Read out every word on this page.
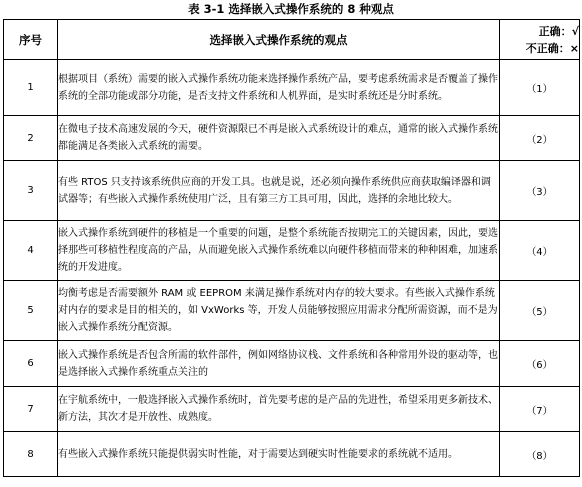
表 3-1 选择嵌入式操作系统的 8 种观点
序号	选择嵌入式操作系统的观点	正确：√
不正确：×

1	根据项目（系统）需要的嵌入式操作系统功能来选择操作系统产品，要考虑系统需求是否覆盖了操作系统的全部功能或部分功能，是否支持文件系统和人机界面，是实时系统还是分时系统。	（1）
2	在微电子技术高速发展的今天，硬件资源限已不再是嵌入式系统设计的难点，通常的嵌入式操作系统都能满足各类嵌入式系统的需要。	（2）
3	有些 RTOS 只支持该系统供应商的开发工具。也就是说，还必须向操作系统供应商获取编译器和调试器等；有些嵌入式操作系统使用广泛，且有第三方工具可用，因此，选择的余地比较大。	（3）
4	嵌入式操作系统到硬件的移植是一个重要的问题，是整个系统能否按期完工的关键因素，因此，要选择那些可移植性程度高的产品，从而避免嵌入式操作系统难以向硬件移植而带来的种种困难，加速系统的开发进度。	（4）
5	均衡考虑是否需要额外 RAM 或 EEPROM 来满足操作系统对内存的较大要求。有些嵌入式操作系统对内存的要求是目的相关的，如 VxWorks 等，开发人员能够按照应用需求分配所需资源，而不是为嵌入式操作系统分配资源。	（5）
6	嵌入式操作系统是否包含所需的软件部件，例如网络协议栈、文件系统和各种常用外设的驱动等，也是选择嵌入式操作系统重点关注的	（6）
7	在宇航系统中，一般选择嵌入式操作系统时，首先要考虑的是产品的先进性，希望采用更多新技术、新方法，其次才是开放性、成熟度。	（7）
8	有些嵌入式操作系统只能提供弱实时性能，对于需要达到硬实时性能要求的系统就不适用。	（8）
